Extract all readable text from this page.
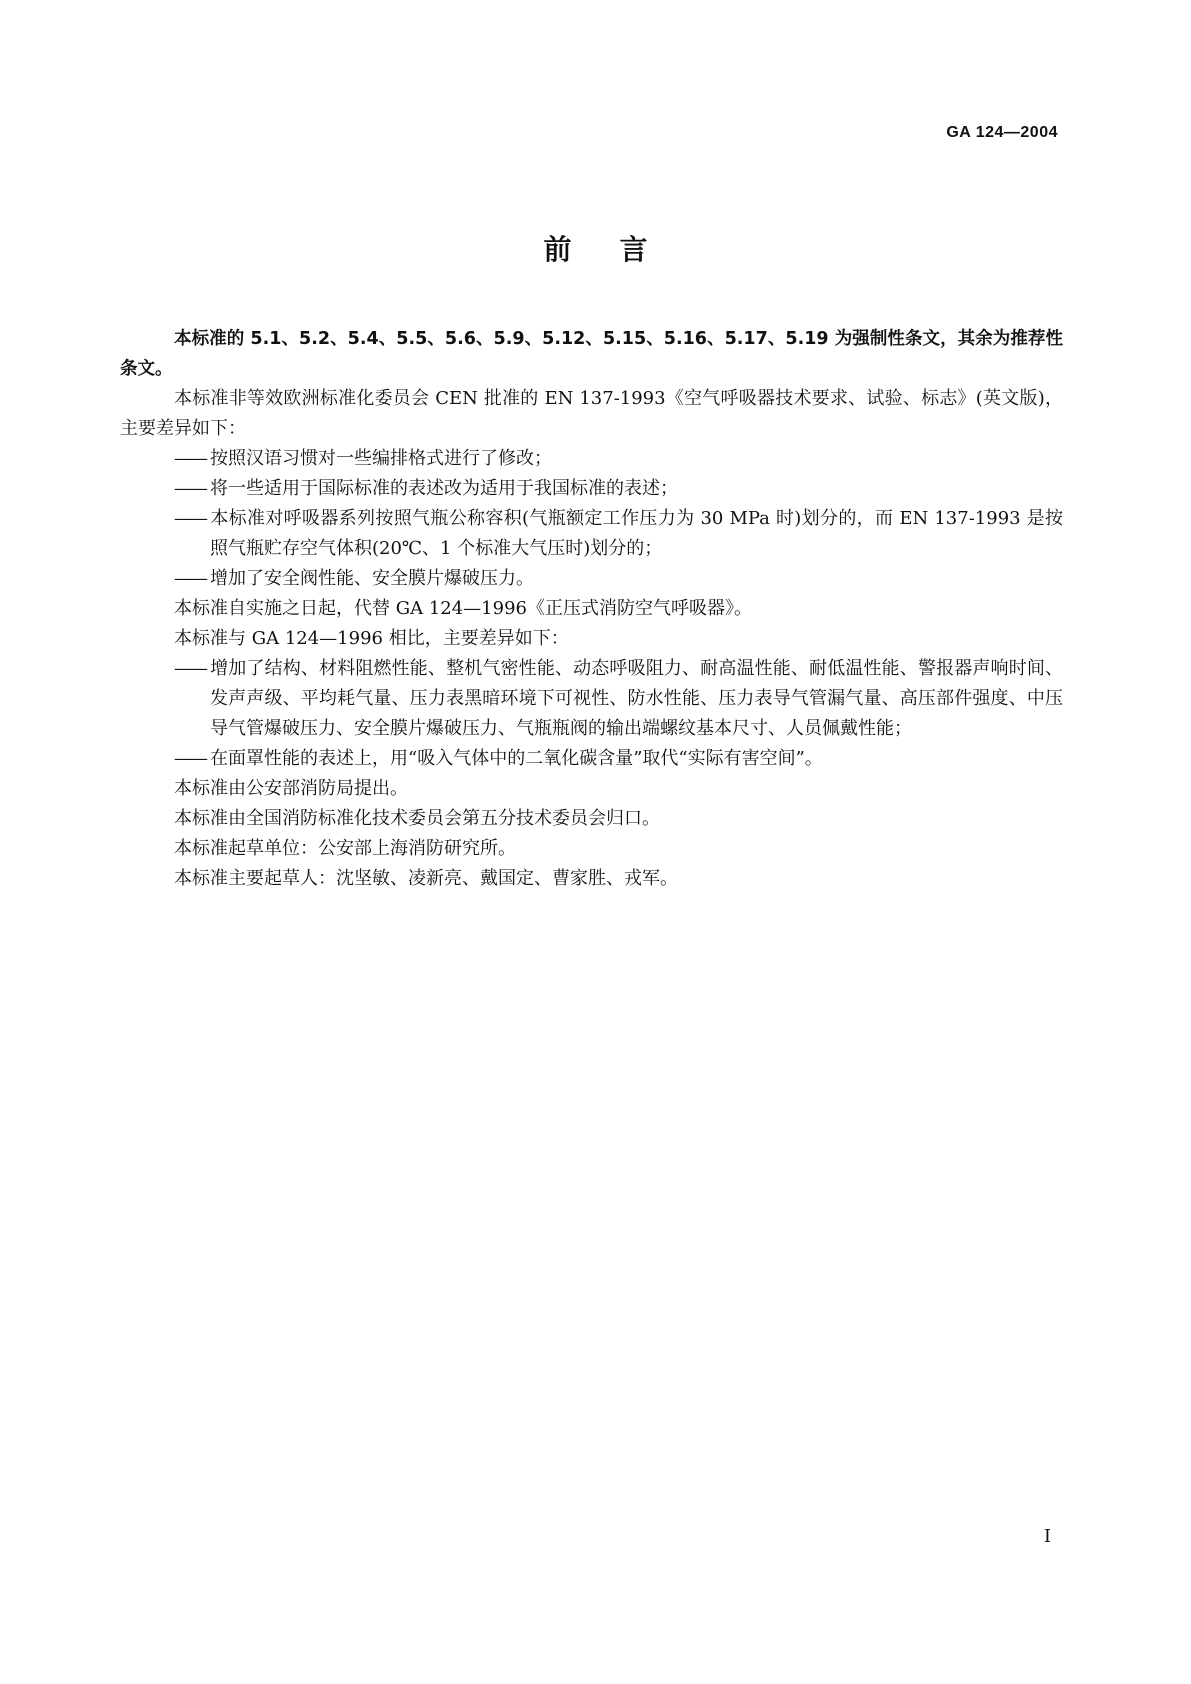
GA 124—2004
前言

本标准的 5.1、5.2、5.4、5.5、5.6、5.9、5.12、5.15、5.16、5.17、5.19 为强制性条文，其余为推荐性条文。

本标准非等效欧洲标准化委员会 CEN 批准的 EN 137-1993《空气呼吸器技术要求、试验、标志》(英文版)，主要差异如下：

—— 按照汉语习惯对一些编排格式进行了修改；

—— 将一些适用于国际标准的表述改为适用于我国标准的表述；

—— 本标准对呼吸器系列按照气瓶公称容积(气瓶额定工作压力为 30 MPa 时)划分的，而 EN 137-1993 是按照气瓶贮存空气体积(20℃、1 个标准大气压时)划分的；

—— 增加了安全阀性能、安全膜片爆破压力。

本标准自实施之日起，代替 GA 124—1996《正压式消防空气呼吸器》。

本标准与 GA 124—1996 相比，主要差异如下：

—— 增加了结构、材料阻燃性能、整机气密性能、动态呼吸阻力、耐高温性能、耐低温性能、警报器声响时间、发声声级、平均耗气量、压力表黑暗环境下可视性、防水性能、压力表导气管漏气量、高压部件强度、中压导气管爆破压力、安全膜片爆破压力、气瓶瓶阀的输出端螺纹基本尺寸、人员佩戴性能；

—— 在面罩性能的表述上，用“吸入气体中的二氧化碳含量”取代“实际有害空间”。

本标准由公安部消防局提出。

本标准由全国消防标准化技术委员会第五分技术委员会归口。

本标准起草单位：公安部上海消防研究所。

本标准主要起草人：沈坚敏、凌新亮、戴国定、曹家胜、戎军。

I
